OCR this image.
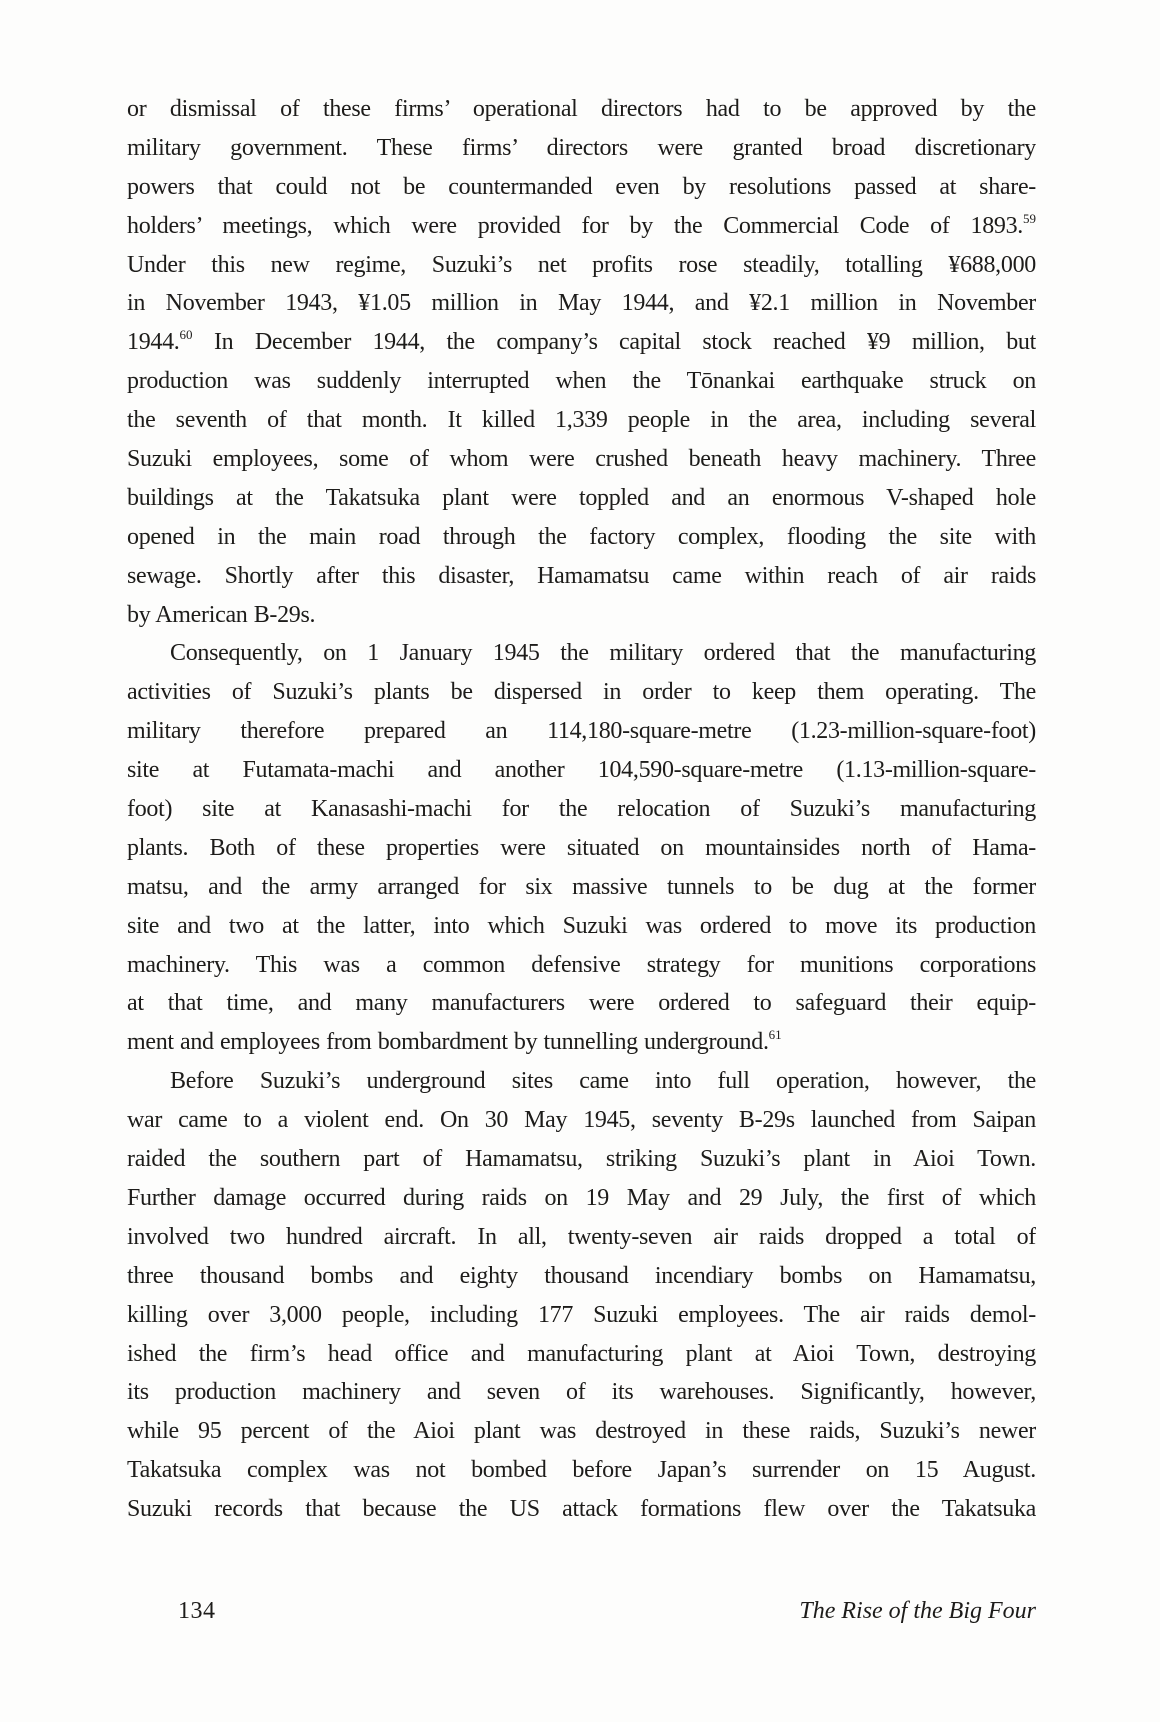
or dismissal of these firms’ operational directors had to be approved by the
military government. These firms’ directors were granted broad discretionary
powers that could not be countermanded even by resolutions passed at share-
holders’ meetings, which were provided for by the Commercial Code of 1893.59
Under this new regime, Suzuki’s net profits rose steadily, totalling ¥688,000
in November 1943, ¥1.05 million in May 1944, and ¥2.1 million in November
1944.60 In December 1944, the company’s capital stock reached ¥9 million, but
production was suddenly interrupted when the Tōnankai earthquake struck on
the seventh of that month. It killed 1,339 people in the area, including several
Suzuki employees, some of whom were crushed beneath heavy machinery. Three
buildings at the Takatsuka plant were toppled and an enormous V-shaped hole
opened in the main road through the factory complex, flooding the site with
sewage. Shortly after this disaster, Hamamatsu came within reach of air raids
by American B-29s.
Consequently, on 1 January 1945 the military ordered that the manufacturing
activities of Suzuki’s plants be dispersed in order to keep them operating. The
military therefore prepared an 114,180-square-metre (1.23-million-square-foot)
site at Futamata-machi and another 104,590-square-metre (1.13-million-square-
foot) site at Kanasashi-machi for the relocation of Suzuki’s manufacturing
plants. Both of these properties were situated on mountainsides north of Hama-
matsu, and the army arranged for six massive tunnels to be dug at the former
site and two at the latter, into which Suzuki was ordered to move its production
machinery. This was a common defensive strategy for munitions corporations
at that time, and many manufacturers were ordered to safeguard their equip-
ment and employees from bombardment by tunnelling underground.$^{61}$
Before Suzuki’s underground sites came into full operation, however, the
war came to a violent end. On 30 May 1945, seventy B-29s launched from Saipan
raided the southern part of Hamamatsu, striking Suzuki’s plant in Aioi Town.
Further damage occurred during raids on 19 May and 29 July, the first of which
involved two hundred aircraft. In all, twenty-seven air raids dropped a total of
three thousand bombs and eighty thousand incendiary bombs on Hamamatsu,
killing over 3,000 people, including 177 Suzuki employees. The air raids demol-
ished the firm’s head office and manufacturing plant at Aioi Town, destroying
its production machinery and seven of its warehouses. Significantly, however,
while 95 percent of the Aioi plant was destroyed in these raids, Suzuki’s newer
Takatsuka complex was not bombed before Japan’s surrender on 15 August.
Suzuki records that because the US attack formations flew over the Takatsuka
134	The Rise of the Big Four
